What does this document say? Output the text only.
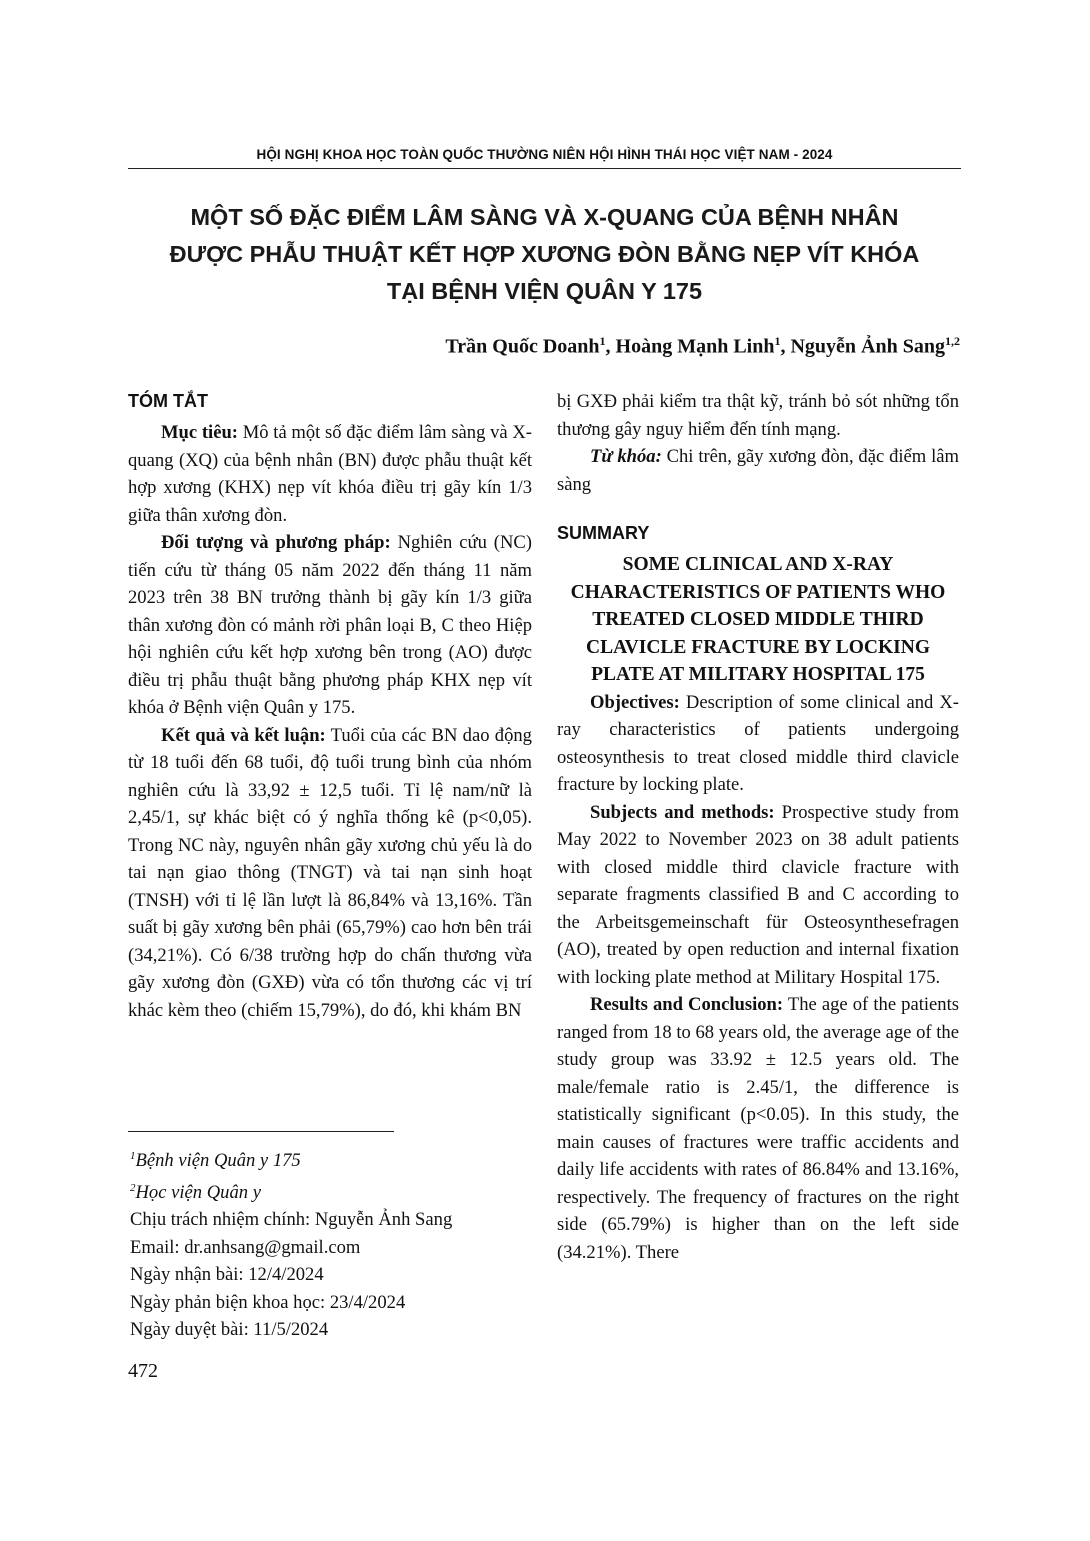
HỘI NGHỊ KHOA HỌC TOÀN QUỐC THƯỜNG NIÊN HỘI HÌNH THÁI HỌC VIỆT NAM - 2024
MỘT SỐ ĐẶC ĐIỂM LÂM SÀNG VÀ X-QUANG CỦA BỆNH NHÂN
ĐƯỢC PHẪU THUẬT KẾT HỢP XƯƠNG ĐÒN BẰNG NẸP VÍT KHÓA
TẠI BỆNH VIỆN QUÂN Y 175
Trần Quốc Doanh$^1$, Hoàng Mạnh Linh$^1$, Nguyễn Ảnh Sang$^{1,2}$
TÓM TẮT

Mục tiêu: Mô tả một số đặc điểm lâm sàng và X-quang (XQ) của bệnh nhân (BN) được phẫu thuật kết hợp xương (KHX) nẹp vít khóa điều trị gãy kín 1/3 giữa thân xương đòn.

Đối tượng và phương pháp: Nghiên cứu (NC) tiến cứu từ tháng 05 năm 2022 đến tháng 11 năm 2023 trên 38 BN trưởng thành bị gãy kín 1/3 giữa thân xương đòn có mảnh rời phân loại B, C theo Hiệp hội nghiên cứu kết hợp xương bên trong (AO) được điều trị phẫu thuật bằng phương pháp KHX nẹp vít khóa ở Bệnh viện Quân y 175.

Kết quả và kết luận: Tuổi của các BN dao động từ 18 tuổi đến 68 tuổi, độ tuổi trung bình của nhóm nghiên cứu là 33,92 ± 12,5 tuổi. Tỉ lệ nam/nữ là 2,45/1, sự khác biệt có ý nghĩa thống kê (p<0,05). Trong NC này, nguyên nhân gãy xương chủ yếu là do tai nạn giao thông (TNGT) và tai nạn sinh hoạt (TNSH) với tỉ lệ lần lượt là 86,84% và 13,16%. Tần suất bị gãy xương bên phải (65,79%) cao hơn bên trái (34,21%). Có 6/38 trường hợp do chấn thương vừa gãy xương đòn (GXĐ) vừa có tổn thương các vị trí khác kèm theo (chiếm 15,79%), do đó, khi khám BN

bị GXĐ phải kiểm tra thật kỹ, tránh bỏ sót những tổn thương gây nguy hiểm đến tính mạng.

Từ khóa: Chi trên, gãy xương đòn, đặc điểm lâm sàng

SUMMARY
SOME CLINICAL AND X-RAY CHARACTERISTICS OF PATIENTS WHO TREATED CLOSED MIDDLE THIRD CLAVICLE FRACTURE BY LOCKING PLATE AT MILITARY HOSPITAL 175

Objectives: Description of some clinical and X-ray characteristics of patients undergoing osteosynthesis to treat closed middle third clavicle fracture by locking plate.

Subjects and methods: Prospective study from May 2022 to November 2023 on 38 adult patients with closed middle third clavicle fracture with separate fragments classified B and C according to the Arbeitsgemeinschaft für Osteosynthesefragen (AO), treated by open reduction and internal fixation with locking plate method at Military Hospital 175.

Results and Conclusion: The age of the patients ranged from 18 to 68 years old, the average age of the study group was 33.92 ± 12.5 years old. The male/female ratio is 2.45/1, the difference is statistically significant (p<0.05). In this study, the main causes of fractures were traffic accidents and daily life accidents with rates of 86.84% and 13.16%, respectively. The frequency of fractures on the right side (65.79%) is higher than on the left side (34.21%). There

$^1$Bệnh viện Quân y 175
$^2$Học viện Quân y
Chịu trách nhiệm chính: Nguyễn Ảnh Sang
Email: dr.anhsang@gmail.com
Ngày nhận bài: 12/4/2024
Ngày phản biện khoa học: 23/4/2024
Ngày duyệt bài: 11/5/2024
472
